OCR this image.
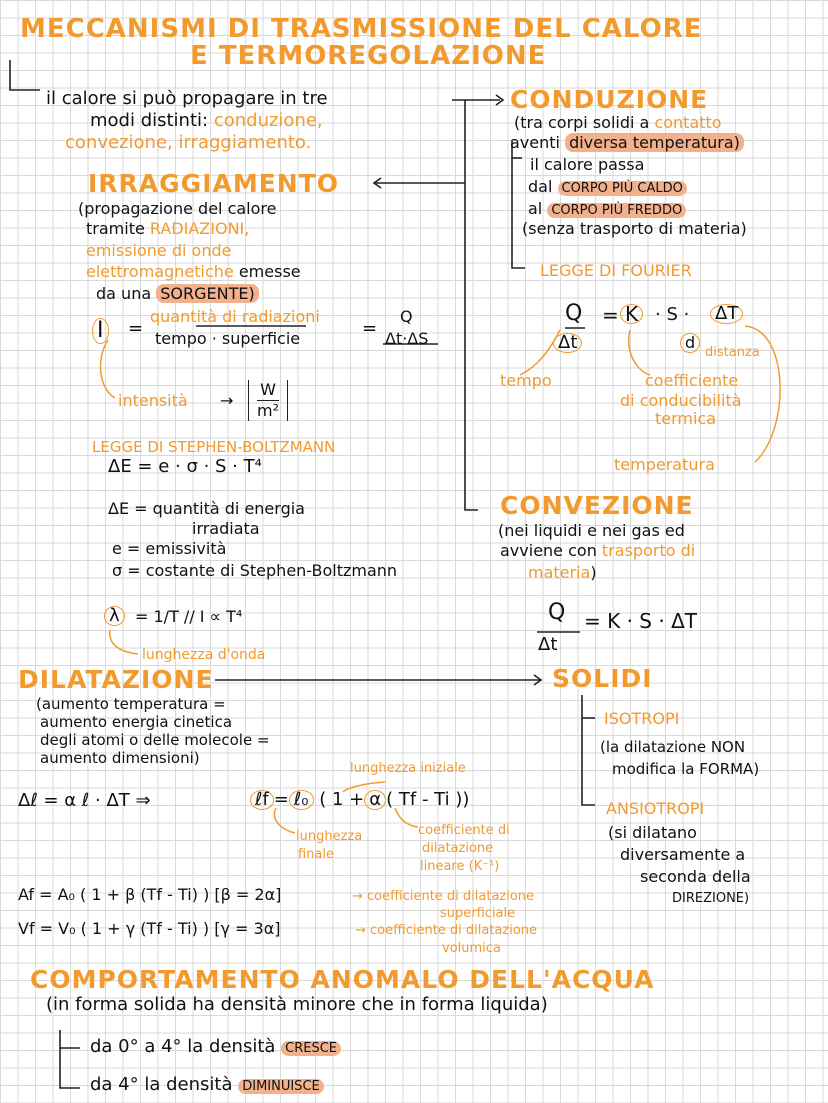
MECCANISMI DI TRASMISSIONE DEL CALORE
E TERMOREGOLAZIONE
il calore si può propagare in tre
modi distinti: conduzione,
convezione, irraggiamento.
IRRAGGIAMENTO
(propagazione del calore
tramite RADIAZIONI,
emissione di onde
elettromagnetiche emesse
da una SORGENTE)
I =
quantità di radiazioni
tempo · superficie	=
Q
Δt·ΔS
intensità →
W
m²
LEGGE DI STEPHEN-BOLTZMANN
ΔE = e · σ · S · T⁴
ΔE = quantità di energia
irradiata
e = emissività
σ = costante di Stephen-Boltzmann
λ = 1/T // I ∝ T⁴
lunghezza d'onda
CONDUZIONE
(tra corpi solidi a contatto
aventi diversa temperatura)
il calore passa
dal CORPO PIÙ CALDO
al CORPO PIÙ FREDDO
(senza trasporto di materia)
LEGGE DI FOURIER
Q
Δt
= K · S · ΔT
d
distanza
tempo	coefficiente
di conducibilità
termica
temperatura
CONVEZIONE
(nei liquidi e nei gas ed
avviene con trasporto di
materia)
Q
Δt
= K · S · ΔT
DILATAZIONE
(aumento temperatura =
aumento energia cinetica
degli atomi o delle molecole =
aumento dimensioni)
Δℓ = α ℓ · ΔT ⇒	ℓf = ℓ₀ ( 1 + α ( Tf - Ti ))
lunghezza iniziale
lunghezza
finale
coefficiente di
dilatazione
lineare (K⁻¹)
Af = A₀ ( 1 + β (Tf - Ti) ) [β = 2α]	→ coefficiente di dilatazione
superficiale
Vf = V₀ ( 1 + γ (Tf - Ti) ) [γ = 3α]	→ coefficiente di dilatazione
volumica
SOLIDI
ISOTROPI
(la dilatazione NON
modifica la FORMA)
ANSIOTROPI
(si dilatano
diversamente a
seconda della
DIREZIONE)
COMPORTAMENTO ANOMALO DELL'ACQUA
(in forma solida ha densità minore che in forma liquida)
da 0° a 4° la densità CRESCE
da 4° la densità DIMINUISCE
